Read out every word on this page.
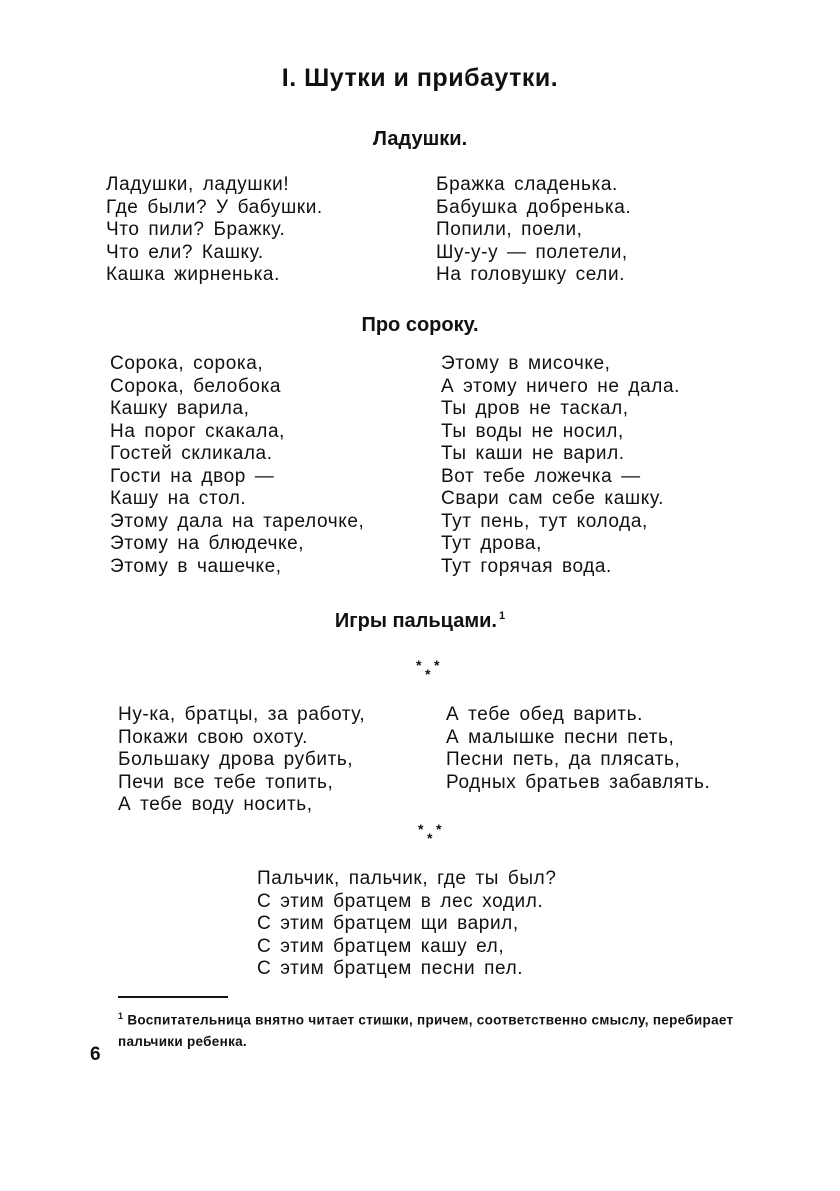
I. Шутки и прибаутки.
Ладушки.
Ладушки, ладушки!
Где были? У бабушки.
Что пили? Бражку.
Что ели? Кашку.
Кашка жирненька.
Бражка сладенька.
Бабушка добренька.
Попили, поели,
Шу-у-у — полетели,
На головушку сели.
Про сороку.
Сорока, сорока,
Сорока, белобока
Кашку варила,
На порог скакала,
Гостей скликала.
Гости на двор —
Кашу на стол.
Этому дала на тарелочке,
Этому на блюдечке,
Этому в чашечке,
Этому в мисочке,
А этому ничего не дала.
Ты дров не таскал,
Ты воды не носил,
Ты каши не варил.
Вот тебе ложечка —
Свари сам себе кашку.
Тут пень, тут колода,
Тут дрова,
Тут горячая вода.
Игры пальцами. $^1$
*
*
*
Ну-ка, братцы, за работу,
Покажи свою охоту.
Большаку дрова рубить,
Печи все тебе топить,
А тебе воду носить,
А тебе обед варить.
А малышке песни петь,
Песни петь, да плясать,
Родных братьев забавлять.
*
*
*
Пальчик, пальчик, где ты был?
С этим братцем в лес ходил.
С этим братцем щи варил,
С этим братцем кашу ел,
С этим братцем песни пел.
$^1$ Воспитательница внятно читает стишки, причем, соответственно смыслу, перебирает пальчики ребенка.
6
